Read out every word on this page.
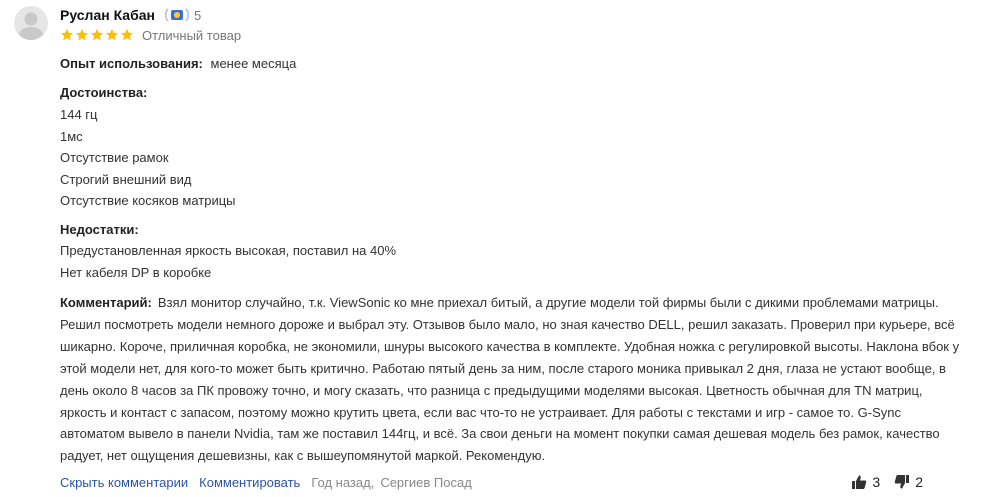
Руслан Кабан	5
Отличный товар
Опыт использования: менее месяца
Достоинства:
144 гц
1мс
Отсутствие рамок
Строгий внешний вид
Отсутствие косяков матрицы
Недостатки:
Предустановленная яркость высокая, поставил на 40%
Нет кабеля DP в коробке
Комментарий: Взял монитор случайно, т.к. ViewSonic ко мне приехал битый, а другие модели той фирмы были с дикими проблемами матрицы. Решил посмотреть модели немного дороже и выбрал эту. Отзывов было мало, но зная качество DELL, решил заказать. Проверил при курьере, всё шикарно. Короче, приличная коробка, не экономили, шнуры высокого качества в комплекте. Удобная ножка с регулировкой высоты. Наклона вбок у этой модели нет, для кого-то может быть критично. Работаю пятый день за ним, после старого моника привыкал 2 дня, глаза не устают вообще, в день около 8 часов за ПК провожу точно, и могу сказать, что разница с предыдущими моделями высокая. Цветность обычная для TN матриц, яркость и контаст с запасом, поэтому можно крутить цвета, если вас что-то не устраивает. Для работы с текстами и игр - самое то. G-Sync автоматом вывело в панели Nvidia, там же поставил 144гц, и всё. За свои деньги на момент покупки самая дешевая модель без рамок, качество радует, нет ощущения дешевизны, как с вышеупомянутой маркой. Рекомендую.
Скрыть комментарии Комментировать Год назад, Сергиев Посад	3	2
